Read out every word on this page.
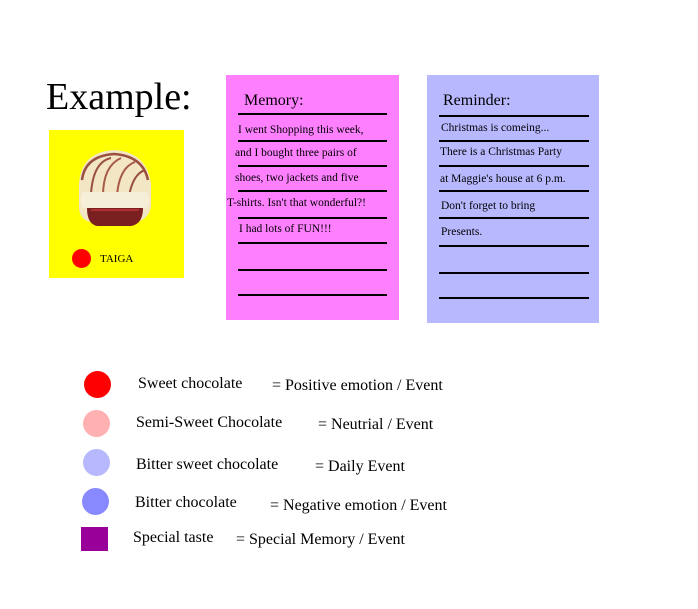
Example:
TAIGA
Memory:
I went Shopping this week,
and I bought three pairs of
shoes, two jackets and five
T-shirts. Isn't that wonderful?!
I had lots of FUN!!!
Reminder:
Christmas is comeing...
There is a Christmas Party
at Maggie's house at 6 p.m.
Don't forget to bring
Presents.
Sweet chocolate = Positive emotion / Event
Semi-Sweet Chocolate = Neutrial / Event
Bitter sweet chocolate = Daily Event
Bitter chocolate = Negative emotion / Event
Special taste = Special Memory / Event
